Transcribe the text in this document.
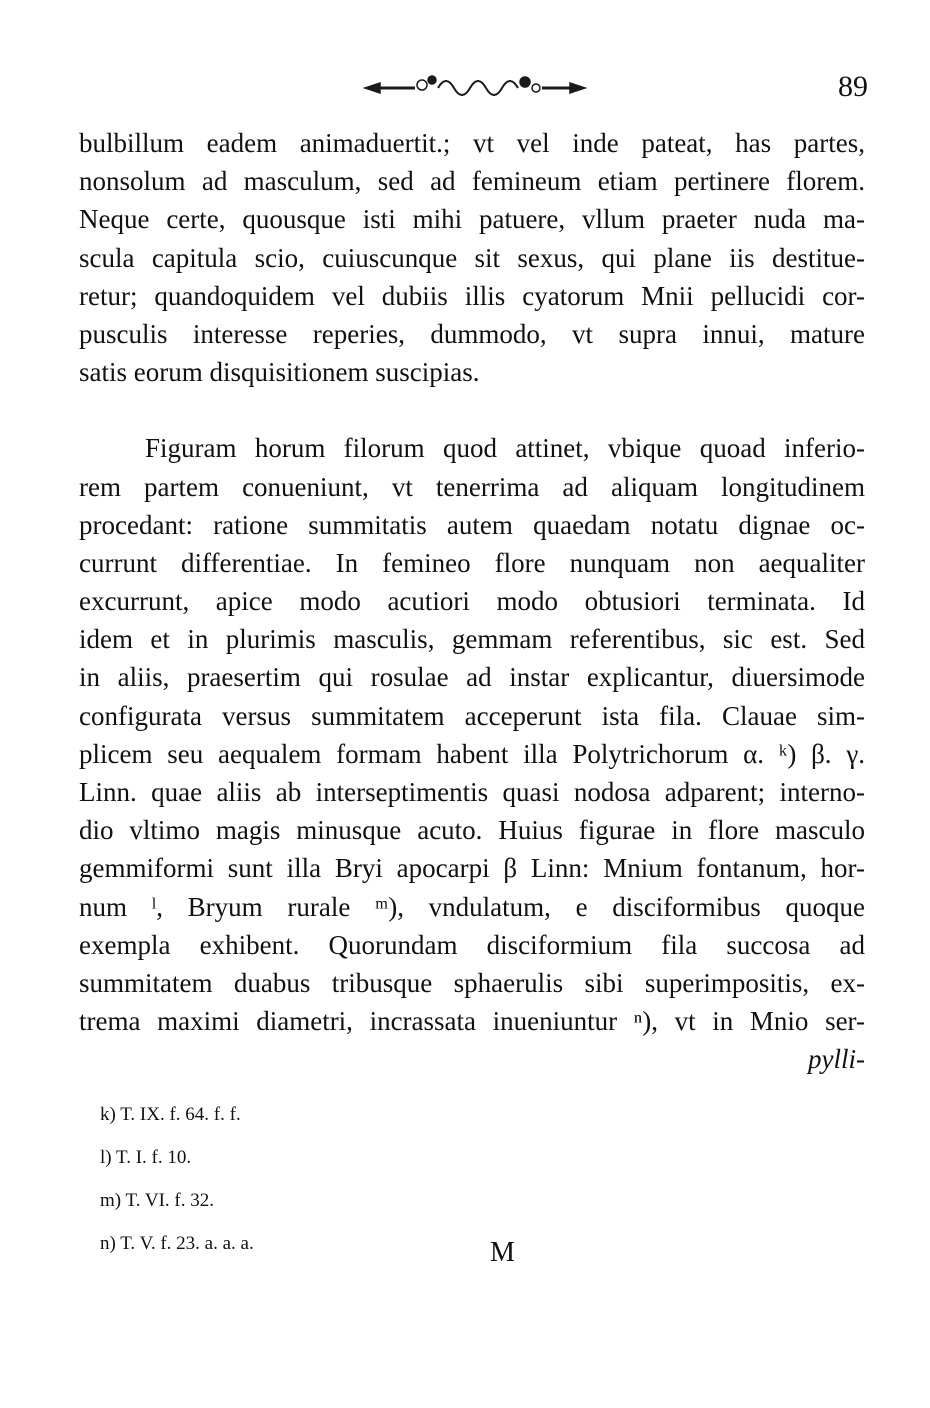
89
bulbillum eadem animaduertit.; vt vel inde pateat, has partes,
nonsolum ad masculum, sed ad femineum etiam pertinere florem.
Neque certe, quousque isti mihi patuere, vllum praeter nuda ma-
scula capitula scio, cuiuscunque sit sexus, qui plane iis destitue-
retur; quandoquidem vel dubiis illis cyatorum Mnii pellucidi cor-
pusculis interesse reperies, dummodo, vt supra innui, mature
satis eorum disquisitionem suscipias.
Figuram horum filorum quod attinet, vbique quoad inferio-
rem partem conueniunt, vt tenerrima ad aliquam longitudinem
procedant: ratione summitatis autem quaedam notatu dignae oc-
currunt differentiae. In femineo flore nunquam non aequaliter
excurrunt, apice modo acutiori modo obtusiori terminata. Id
idem et in plurimis masculis, gemmam referentibus, sic est. Sed
in aliis, praesertim qui rosulae ad instar explicantur, diuersimode
configurata versus summitatem acceperunt ista fila. Clauae sim-
plicem seu aequalem formam habent illa Polytrichorum α. ᵏ) β. γ.
Linn. quae aliis ab interseptimentis quasi nodosa adparent; interno-
dio vltimo magis minusque acuto. Huius figurae in flore masculo
gemmiformi sunt illa Bryi apocarpi β Linn: Mnium fontanum, hor-
num ˡ, Bryum rurale ᵐ), vndulatum, e disciformibus quoque
exempla exhibent. Quorundam disciformium fila succosa ad
summitatem duabus tribusque sphaerulis sibi superimpositis, ex-
trema maximi diametri, incrassata inueniuntur ⁿ), vt in Mnio ser-
pylli-
k) T. IX. f. 64. f. f.
l) T. I. f. 10.
m) T. VI. f. 32.
n) T. V. f. 23. a. a. a.	M
